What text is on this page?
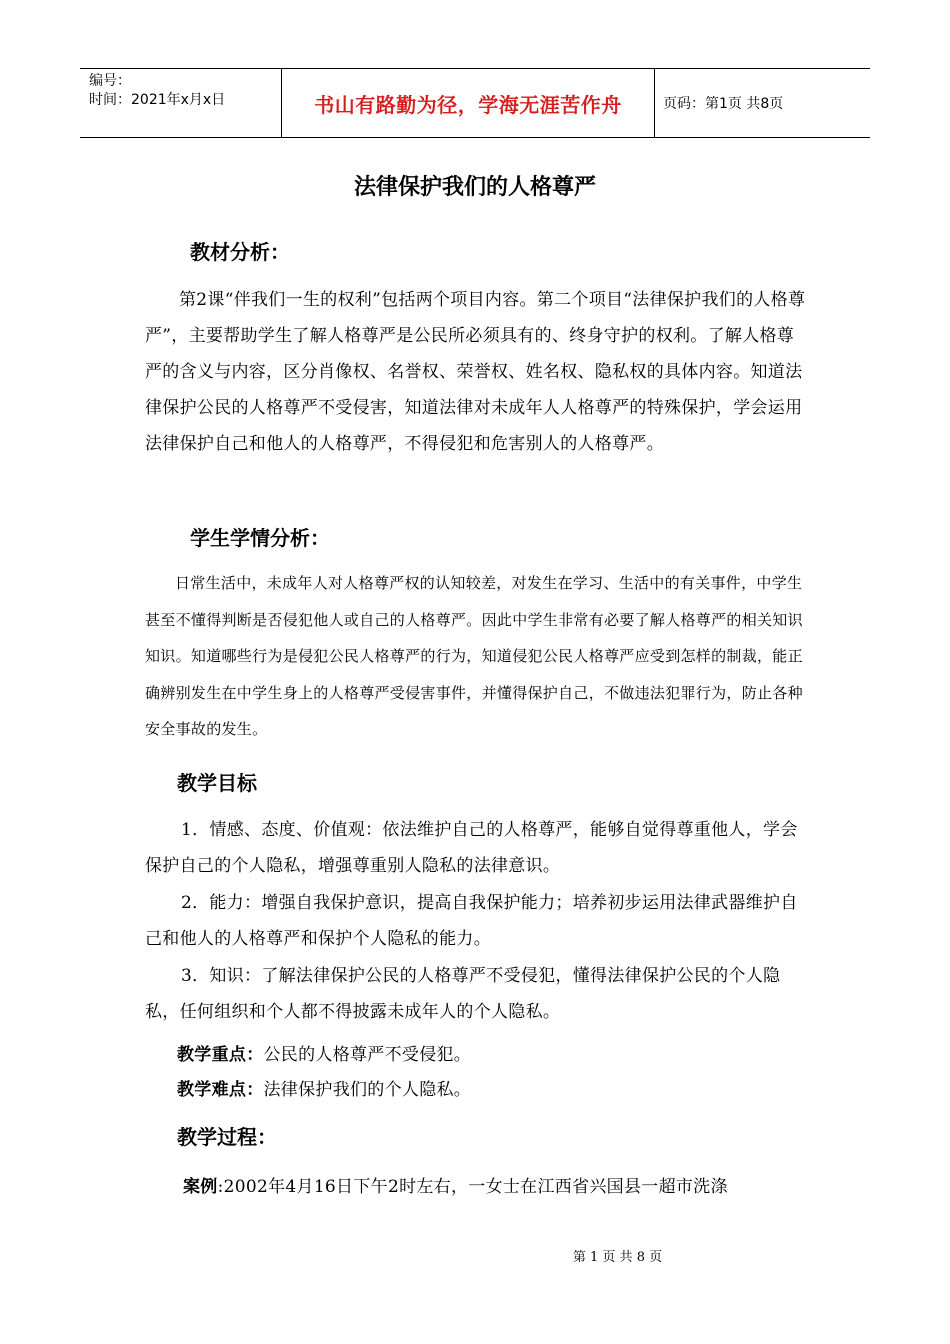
编号：
时间：2021年x月x日	书山有路勤为径，学海无涯苦作舟	页码：第1页 共8页
法律保护我们的人格尊严
教材分析：

第2课“伴我们一生的权利”包括两个项目内容。第二个项目“法律保护我们的人格尊严”，主要帮助学生了解人格尊严是公民所必须具有的、终身守护的权利。了解人格尊严的含义与内容，区分肖像权、名誉权、荣誉权、姓名权、隐私权的具体内容。知道法律保护公民的人格尊严不受侵害，知道法律对未成年人人格尊严的特殊保护，学会运用法律保护自己和他人的人格尊严，不得侵犯和危害别人的人格尊严。

学生学情分析：

日常生活中，未成年人对人格尊严权的认知较差，对发生在学习、生活中的有关事件，中学生甚至不懂得判断是否侵犯他人或自己的人格尊严。因此中学生非常有必要了解人格尊严的相关知识知识。知道哪些行为是侵犯公民人格尊严的行为，知道侵犯公民人格尊严应受到怎样的制裁，能正确辨别发生在中学生身上的人格尊严受侵害事件，并懂得保护自己，不做违法犯罪行为，防止各种安全事故的发生。

教学目标

1．情感、态度、价值观：依法维护自己的人格尊严，能够自觉得尊重他人，学会保护自己的个人隐私，增强尊重别人隐私的法律意识。

2．能力：增强自我保护意识，提高自我保护能力；培养初步运用法律武器维护自己和他人的人格尊严和保护个人隐私的能力。

3．知识：了解法律保护公民的人格尊严不受侵犯，懂得法律保护公民的个人隐私，任何组织和个人都不得披露未成年人的个人隐私。

教学重点：公民的人格尊严不受侵犯。
教学难点：法律保护我们的个人隐私。
教学过程：
案例:2002年4月16日下午2时左右，一女士在江西省兴国县一超市洗涤
第 1 页 共 8 页
